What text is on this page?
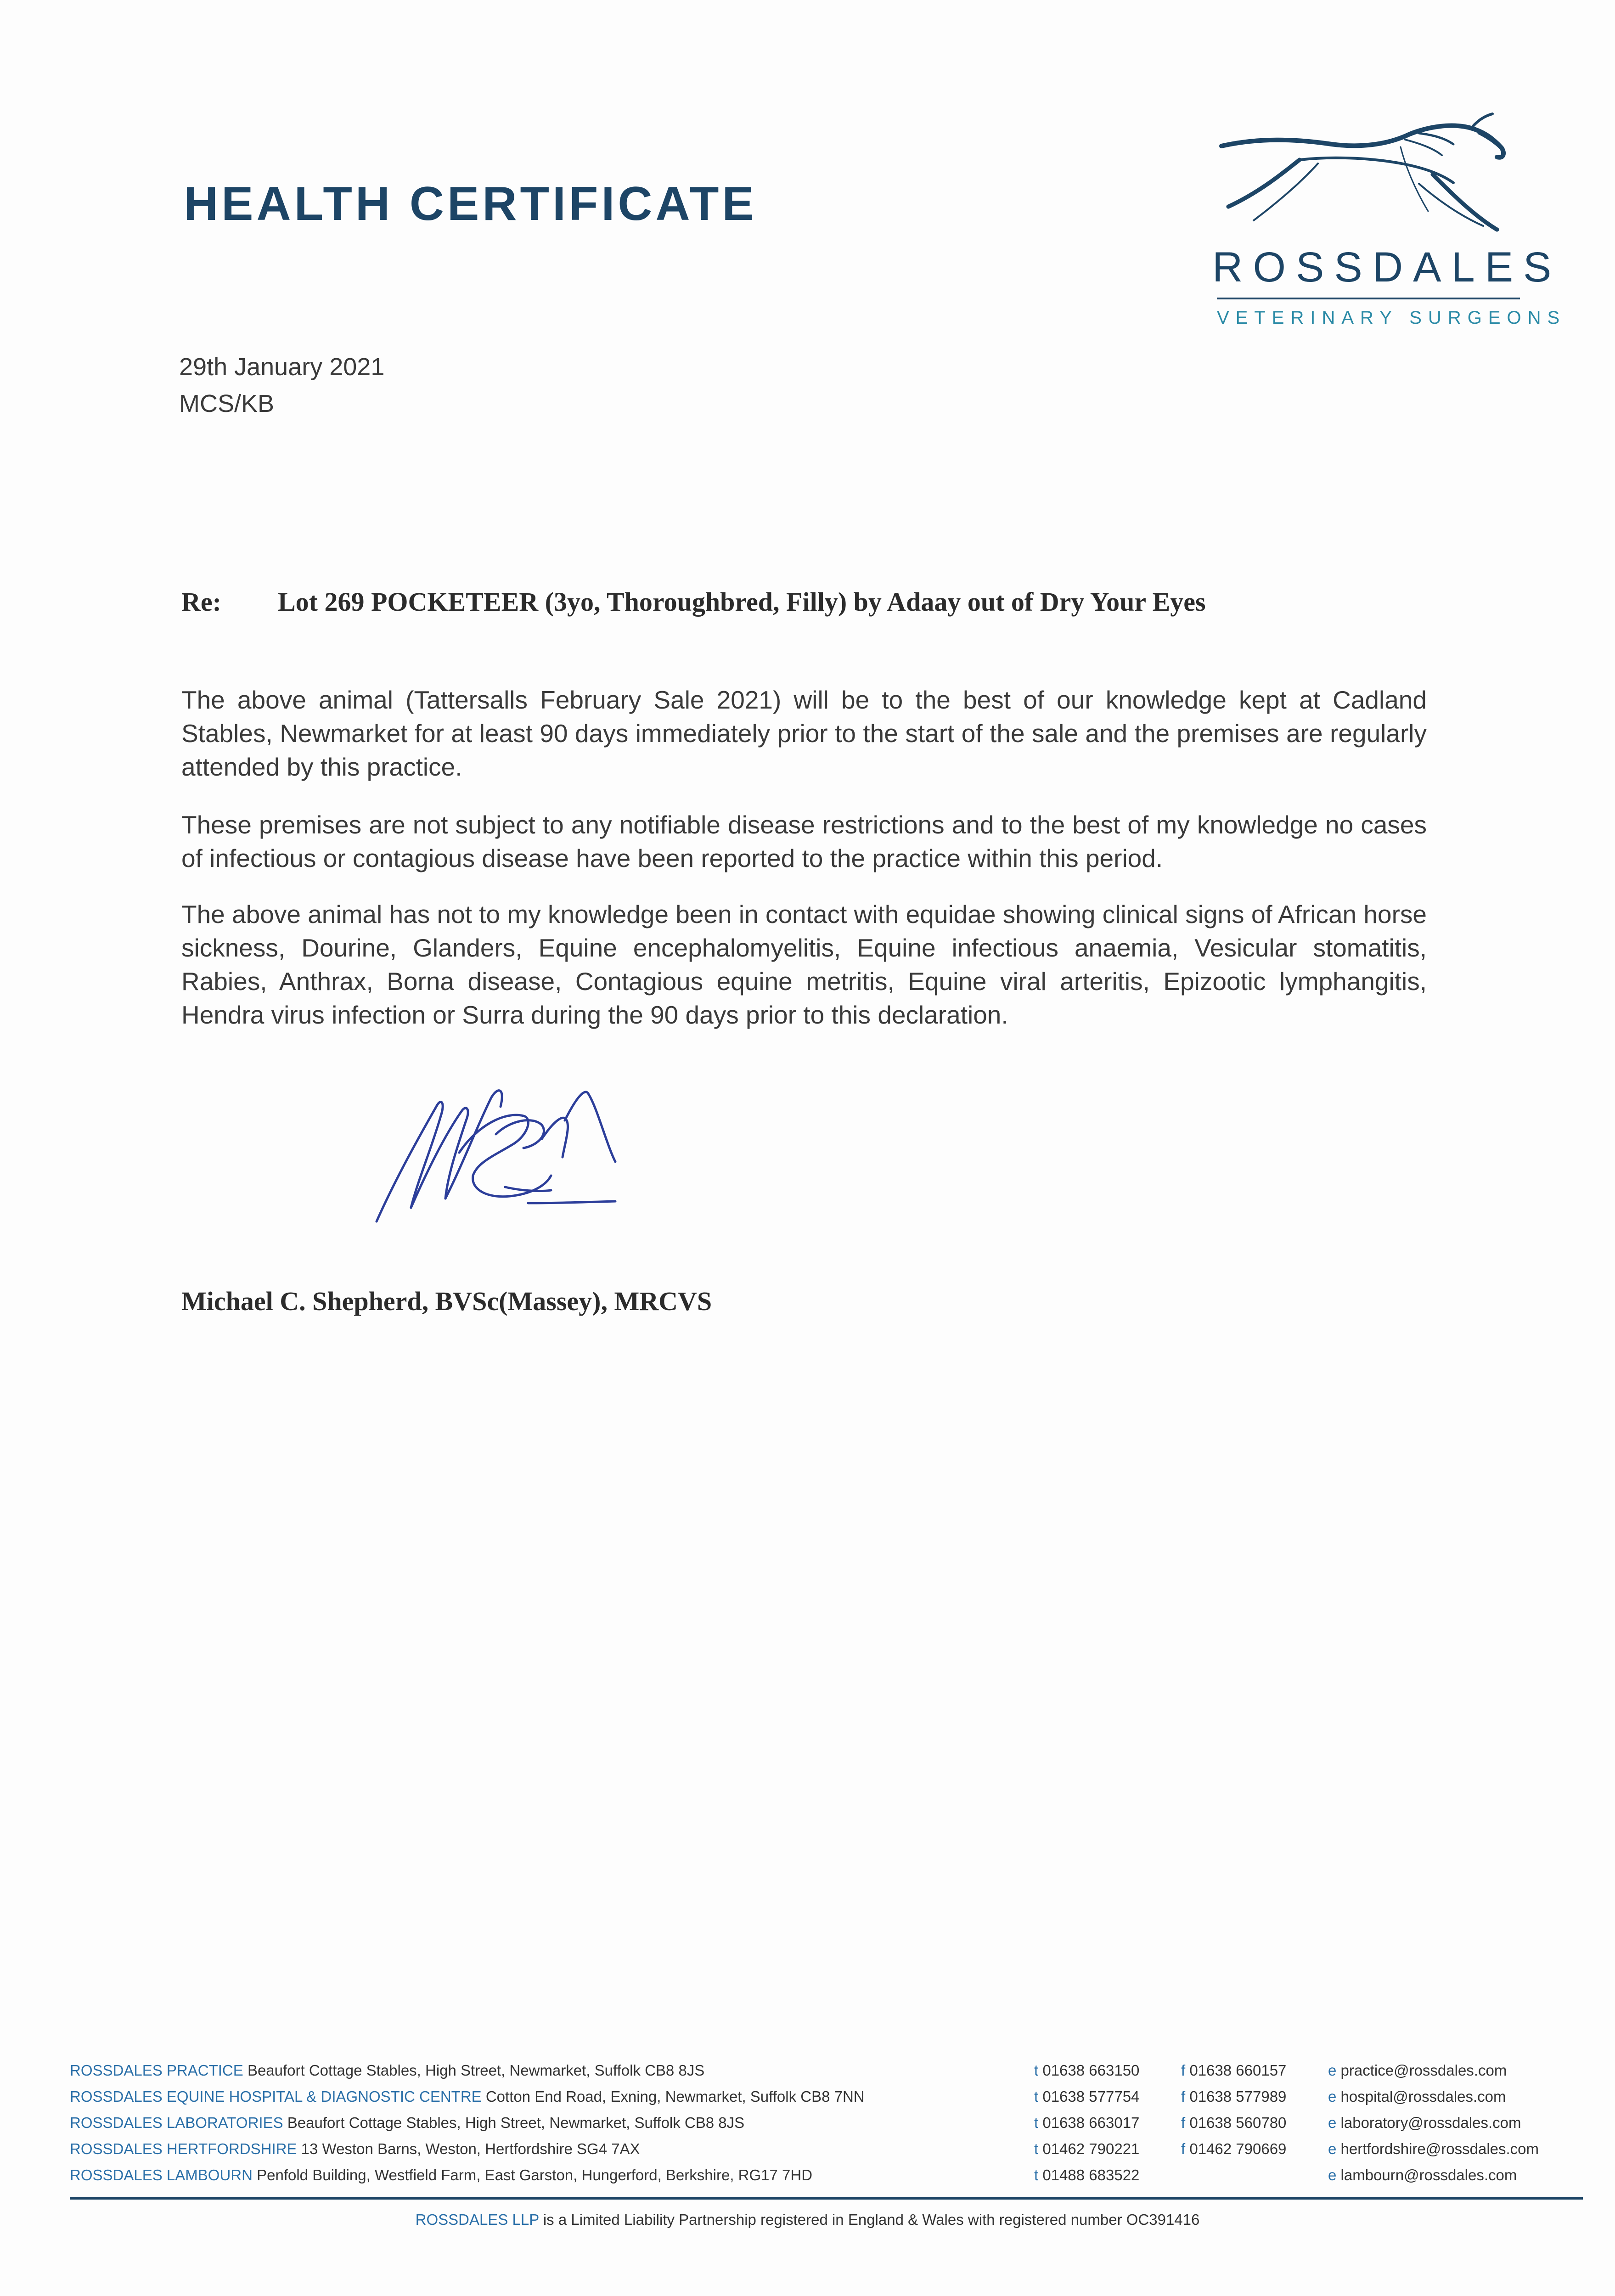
HEALTH CERTIFICATE
ROSSDALES
VETERINARY SURGEONS
29th January 2021
MCS/KB
Re: Lot 269 POCKETEER (3yo, Thoroughbred, Filly) by Adaay out of Dry Your Eyes

The above animal (Tattersalls February Sale 2021) will be to the best of our knowledge kept at Cadland Stables, Newmarket for at least 90 days immediately prior to the start of the sale and the premises are regularly attended by this practice.

These premises are not subject to any notifiable disease restrictions and to the best of my knowledge no cases of infectious or contagious disease have been reported to the practice within this period.

The above animal has not to my knowledge been in contact with equidae showing clinical signs of African horse sickness, Dourine, Glanders, Equine encephalomyelitis, Equine infectious anaemia, Vesicular stomatitis, Rabies, Anthrax, Borna disease, Contagious equine metritis, Equine viral arteritis, Epizootic lymphangitis, Hendra virus infection or Surra during the 90 days prior to this declaration.

Michael C. Shepherd, BVSc(Massey), MRCVS
ROSSDALES PRACTICE Beaufort Cottage Stables, High Street, Newmarket, Suffolk CB8 8JS	t 01638 663150	f 01638 660157	e practice@rossdales.com
ROSSDALES EQUINE HOSPITAL & DIAGNOSTIC CENTRE Cotton End Road, Exning, Newmarket, Suffolk CB8 7NN	t 01638 577754	f 01638 577989	e hospital@rossdales.com
ROSSDALES LABORATORIES Beaufort Cottage Stables, High Street, Newmarket, Suffolk CB8 8JS	t 01638 663017	f 01638 560780	e laboratory@rossdales.com
ROSSDALES HERTFORDSHIRE 13 Weston Barns, Weston, Hertfordshire SG4 7AX	t 01462 790221	f 01462 790669	e hertfordshire@rossdales.com
ROSSDALES LAMBOURN Penfold Building, Westfield Farm, East Garston, Hungerford, Berkshire, RG17 7HD	t 01488 683522	e lambourn@rossdales.com
ROSSDALES LLP is a Limited Liability Partnership registered in England & Wales with registered number OC391416
